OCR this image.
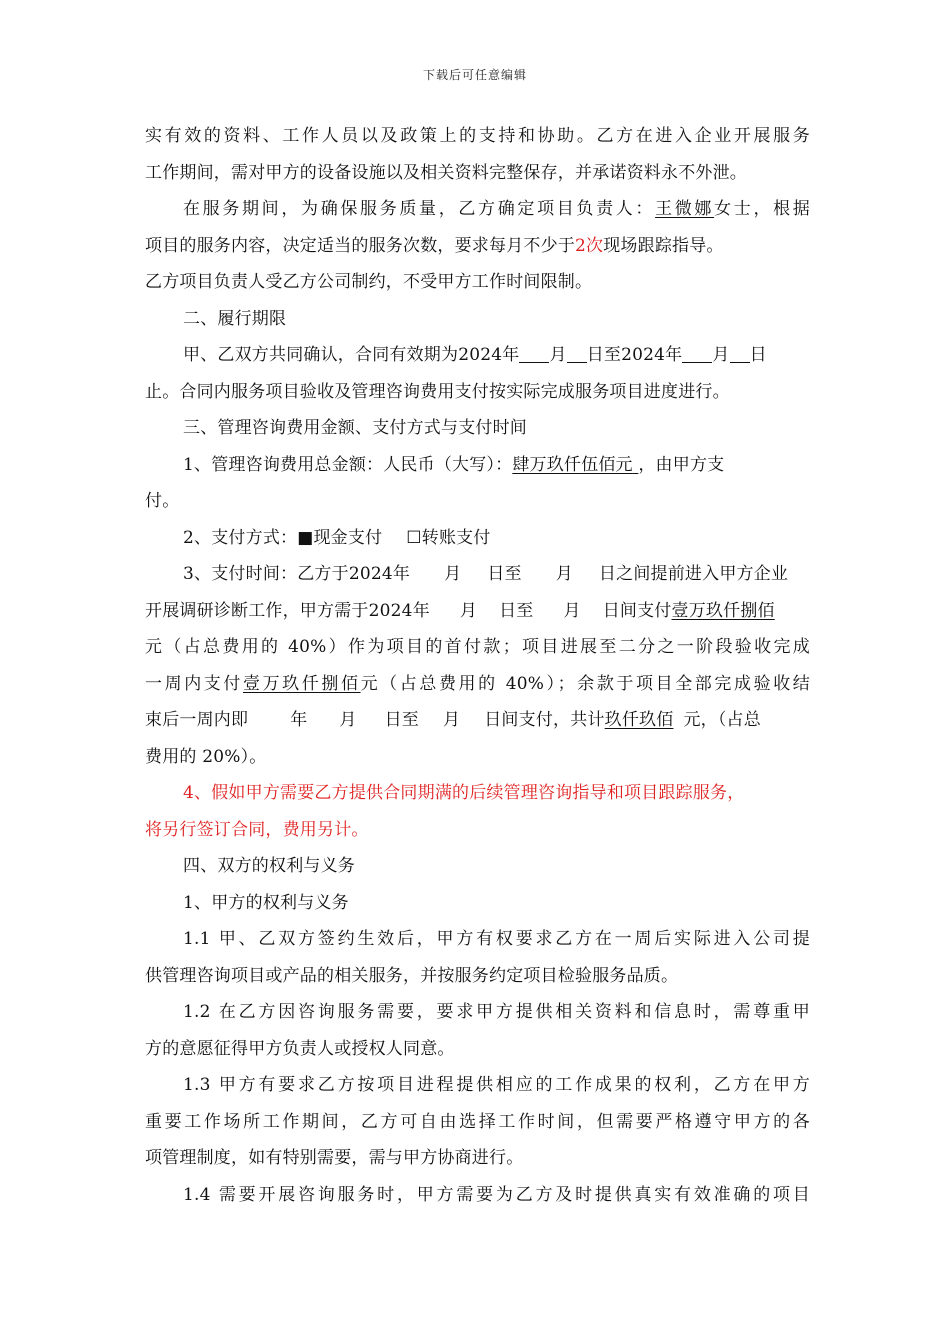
下载后可任意编辑
实有效的资料、工作人员以及政策上的支持和协助。乙方在进入企业开展服务
工作期间，需对甲方的设备设施以及相关资料完整保存，并承诺资料永不外泄。
在服务期间，为确保服务质量，乙方确定项目负责人：王微娜女士，根据
项目的服务内容，决定适当的服务次数，要求每月不少于2次现场跟踪指导。
乙方项目负责人受乙方公司制约，不受甲方工作时间限制。
二、履行期限
甲、乙双方共同确认，合同有效期为2024年 月 日至2024年 月 日
止。合同内服务项目验收及管理咨询费用支付按实际完成服务项目进度进行。
三、管理咨询费用金额、支付方式与支付时间
1、管理咨询费用总金额：人民币（大写）：肆万玖仟伍佰元 ，由甲方支
付。
2、支付方式：■现金支付 ☐转账支付
3、支付时间：乙方于2024年 月 日至 月 日之间提前进入甲方企业
开展调研诊断工作，甲方需于2024年 月 日至 月 日间支付壹万玖仟捌佰
元（占总费用的 40%）作为项目的首付款；项目进展至二分之一阶段验收完成
一周内支付壹万玖仟捌佰元（占总费用的 40%）；余款于项目全部完成验收结
束后一周内即 年 月 日至 月 日间支付，共计玖仟玖佰 元，（占总
费用的 20%）。
4、假如甲方需要乙方提供合同期满的后续管理咨询指导和项目跟踪服务，
将另行签订合同，费用另计。
四、双方的权利与义务
1、甲方的权利与义务
1.1 甲、乙双方签约生效后，甲方有权要求乙方在一周后实际进入公司提
供管理咨询项目或产品的相关服务，并按服务约定项目检验服务品质。
1.2 在乙方因咨询服务需要，要求甲方提供相关资料和信息时，需尊重甲
方的意愿征得甲方负责人或授权人同意。
1.3 甲方有要求乙方按项目进程提供相应的工作成果的权利，乙方在甲方
重要工作场所工作期间，乙方可自由选择工作时间，但需要严格遵守甲方的各
项管理制度，如有特别需要，需与甲方协商进行。
1.4 需要开展咨询服务时，甲方需要为乙方及时提供真实有效准确的项目
